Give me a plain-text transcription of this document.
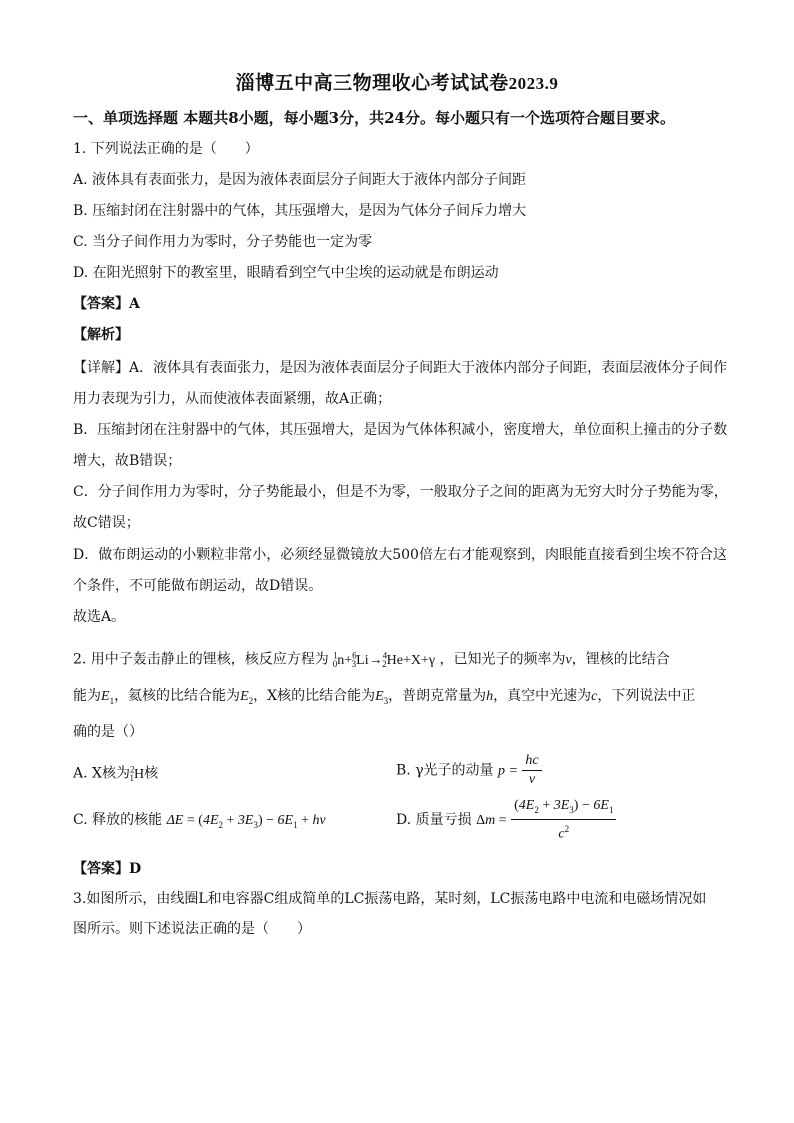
淄博五中高三物理收心考试试卷2023.9
一、单项选择题 本题共8小题，每小题3分，共24分。每小题只有一个选项符合题目要求。
1. 下列说法正确的是（　　）
A. 液体具有表面张力，是因为液体表面层分子间距大于液体内部分子间距
B. 压缩封闭在注射器中的气体，其压强增大，是因为气体分子间斥力增大
C. 当分子间作用力为零时，分子势能也一定为零
D. 在阳光照射下的教室里，眼睛看到空气中尘埃的运动就是布朗运动
【答案】A
【解析】
【详解】A．液体具有表面张力，是因为液体表面层分子间距大于液体内部分子间距，表面层液体分子间作
用力表现为引力，从而使液体表面紧绷，故A正确；
B．压缩封闭在注射器中的气体，其压强增大，是因为气体体积减小，密度增大，单位面积上撞击的分子数
增大，故B错误；
C．分子间作用力为零时，分子势能最小，但是不为零，一般取分子之间的距离为无穷大时分子势能为零，
故C错误；
D．做布朗运动的小颗粒非常小，必须经显微镜放大500倍左右才能观察到，肉眼能直接看到尘埃不符合这
个条件，不可能做布朗运动，故D错误。
故选A。
2. 用中子轰击静止的锂核，核反应方程为 $^1_0$n+$^6_3$Li→$^4_2$He+X+γ ，已知光子的频率为ν，锂核的比结合
能为$E_1$，氦核的比结合能为$E_2$，X核的比结合能为$E_3$，普朗克常量为h，真空中光速为c，下列说法中正
确的是（）
A. X核为$^2_1$H核	B. γ光子的动量 $p = \frac{hc}{\nu}$
C. 释放的核能 $\Delta E = (4E_2 + 3E_3) - 6E_1 + h\nu$	D. 质量亏损 $\Delta m = \frac{(4E_2 + 3E_3) - 6E_1}{c^2}$
【答案】D
3.如图所示，由线圈L和电容器C组成简单的LC振荡电路，某时刻，LC振荡电路中电流和电磁场情况如
图所示。则下述说法正确的是（　　）
